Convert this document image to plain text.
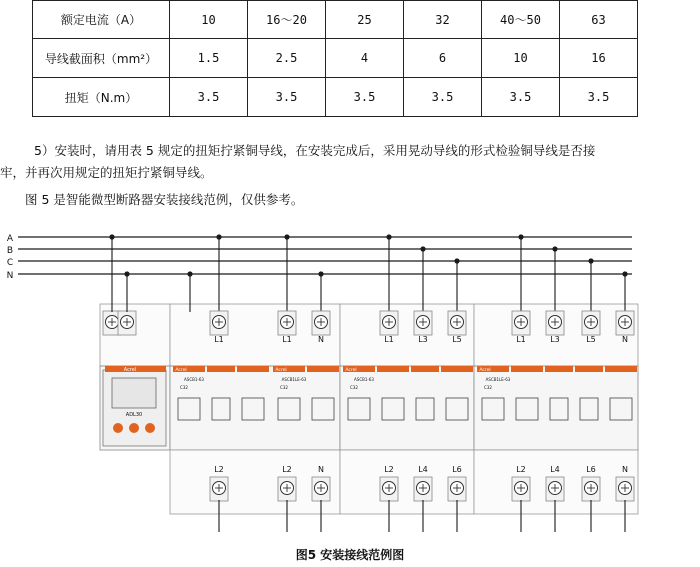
额定电流（A）	10	16～20	25	32	40～50	63
导线截面积（mm²）	1.5	2.5	4	6	10	16
扭矩（N.m）	3.5	3.5	3.5	3.5	3.5	3.5
5）安装时，请用表 5 规定的扭矩拧紧铜导线，在安装完成后，采用晃动导线的形式检验铜导线是否接
牢，并再次用规定的扭矩拧紧铜导线。
图 5 是智能微型断路器安装接线范例，仅供参考。
A
B
C
N
ADL30
Acrel	Acrel
ASCB1-63
C32
Acrel
ASCB1LE-63
C32
Acrel
ASCB1-63
C32
Acrel
ASCB1LE-63
C32
L1	L1	N	L1	L3	L5	L1	L3	L5	N
L2	L2	N	L2	L4	L6	L2	L4	L6	N
图5 安装接线范例图
